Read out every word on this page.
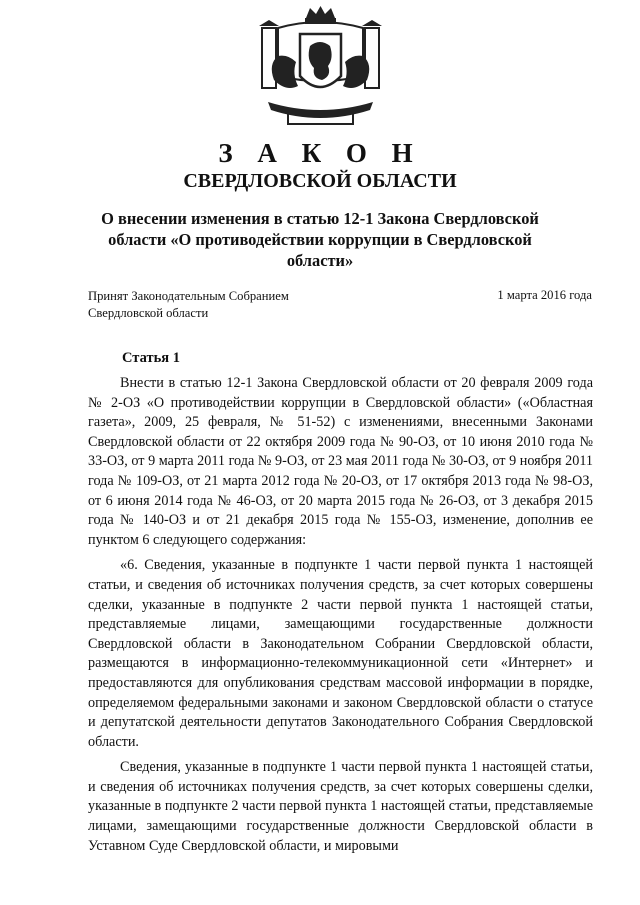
З А К О Н
СВЕРДЛОВСКОЙ ОБЛАСТИ
О внесении изменения в статью 12-1 Закона Свердловской области «О противодействии коррупции в Свердловской области»
Принят Законодательным Собранием
Свердловской области
1 марта 2016 года
Статья 1

Внести в статью 12-1 Закона Свердловской области от 20 февраля 2009 года № 2-ОЗ «О противодействии коррупции в Свердловской области» («Областная газета», 2009, 25 февраля, № 51-52) с изменениями, внесенными Законами Свердловской области от 22 октября 2009 года № 90-ОЗ, от 10 июня 2010 года № 33-ОЗ, от 9 марта 2011 года № 9-ОЗ, от 23 мая 2011 года № 30-ОЗ, от 9 ноября 2011 года № 109-ОЗ, от 21 марта 2012 года № 20-ОЗ, от 17 октября 2013 года № 98-ОЗ, от 6 июня 2014 года № 46-ОЗ, от 20 марта 2015 года № 26-ОЗ, от 3 декабря 2015 года № 140-ОЗ и от 21 декабря 2015 года № 155-ОЗ, изменение, дополнив ее пунктом 6 следующего содержания:

«6. Сведения, указанные в подпункте 1 части первой пункта 1 настоящей статьи, и сведения об источниках получения средств, за счет которых совершены сделки, указанные в подпункте 2 части первой пункта 1 настоящей статьи, представляемые лицами, замещающими государственные должности Свердловской области в Законодательном Собрании Свердловской области, размещаются в информационно-телекоммуникационной сети «Интернет» и предоставляются для опубликования средствам массовой информации в порядке, определяемом федеральными законами и законом Свердловской области о статусе и депутатской деятельности депутатов Законодательного Собрания Свердловской области.

Сведения, указанные в подпункте 1 части первой пункта 1 настоящей статьи, и сведения об источниках получения средств, за счет которых совершены сделки, указанные в подпункте 2 части первой пункта 1 настоящей статьи, представляемые лицами, замещающими государственные должности Свердловской области в Уставном Суде Свердловской области, и мировыми
